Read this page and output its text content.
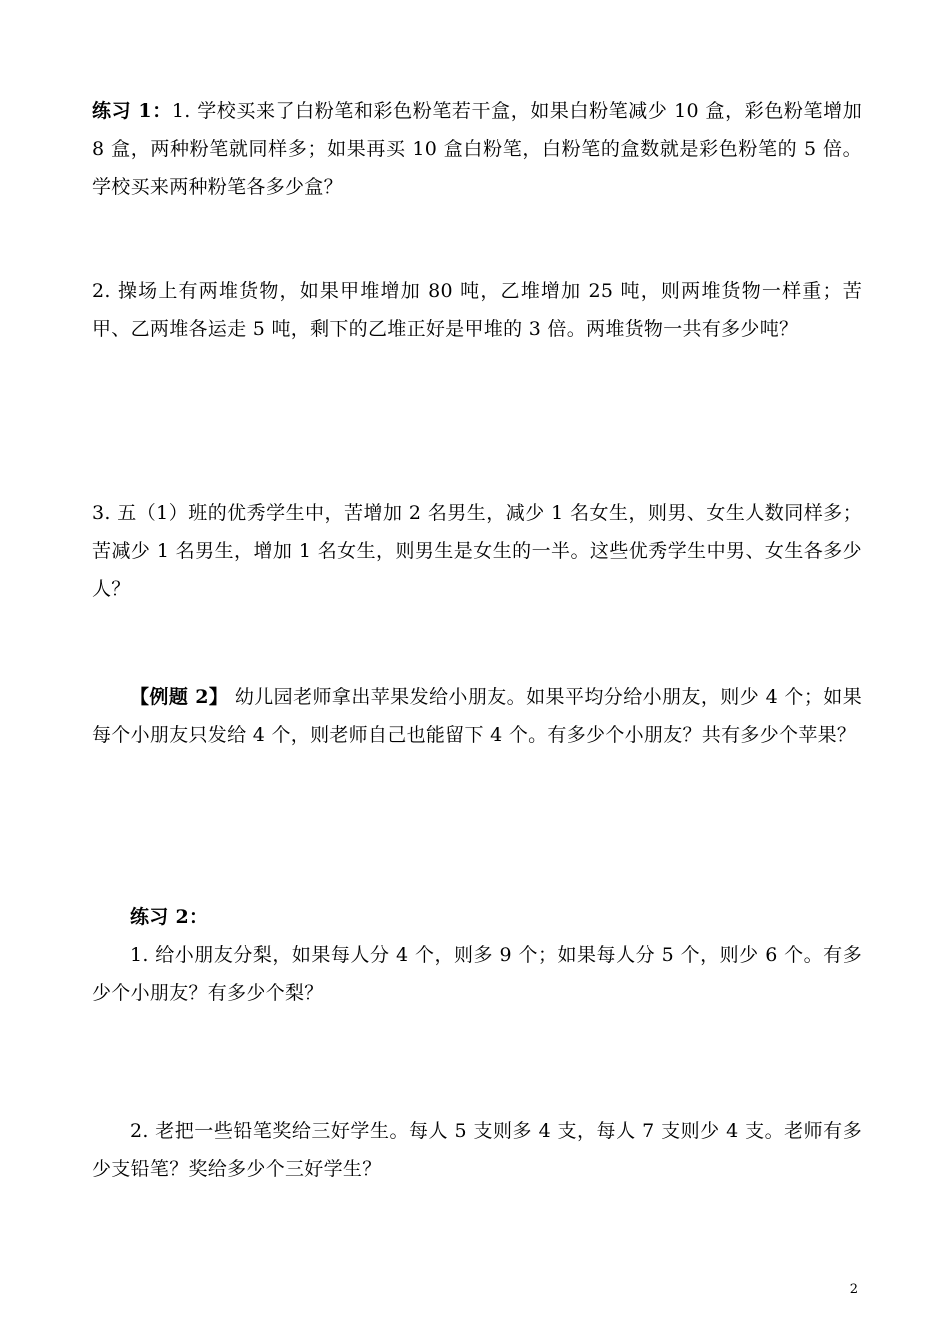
练习 1：1. 学校买来了白粉笔和彩色粉笔若干盒，如果白粉笔减少 10 盒，彩色粉笔增加 8 盒，两种粉笔就同样多；如果再买 10 盒白粉笔，白粉笔的盒数就是彩色粉笔的 5 倍。学校买来两种粉笔各多少盒？

2. 操场上有两堆货物，如果甲堆增加 80 吨，乙堆增加 25 吨，则两堆货物一样重；苦甲、乙两堆各运走 5 吨，剩下的乙堆正好是甲堆的 3 倍。两堆货物一共有多少吨？

3. 五（1）班的优秀学生中，苦增加 2 名男生，减少 1 名女生，则男、女生人数同样多；苦减少 1 名男生，增加 1 名女生，则男生是女生的一半。这些优秀学生中男、女生各多少人？

【例题 2】 幼儿园老师拿出苹果发给小朋友。如果平均分给小朋友，则少 4 个；如果每个小朋友只发给 4 个，则老师自己也能留下 4 个。有多少个小朋友？共有多少个苹果？

练习 2：

1. 给小朋友分梨，如果每人分 4 个，则多 9 个；如果每人分 5 个，则少 6 个。有多少个小朋友？有多少个梨？

2. 老把一些铅笔奖给三好学生。每人 5 支则多 4 支，每人 7 支则少 4 支。老师有多少支铅笔？奖给多少个三好学生？

2
